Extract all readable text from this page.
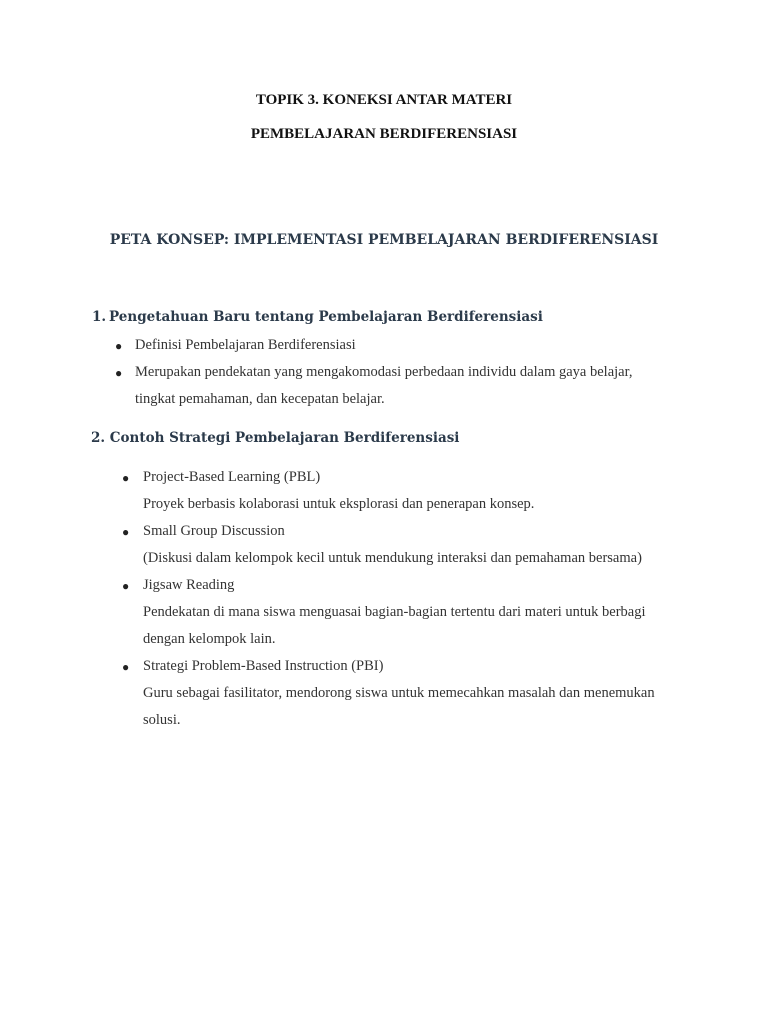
TOPIK 3. KONEKSI ANTAR MATERI
PEMBELAJARAN BERDIFERENSIASI
PETA KONSEP: IMPLEMENTASI PEMBELAJARAN BERDIFERENSIASI
1. Pengetahuan Baru tentang Pembelajaran Berdiferensiasi
● Definisi Pembelajaran Berdiferensiasi
● Merupakan pendekatan yang mengakomodasi perbedaan individu dalam gaya belajar,
tingkat pemahaman, dan kecepatan belajar.
2. Contoh Strategi Pembelajaran Berdiferensiasi
● Project-Based Learning (PBL)
Proyek berbasis kolaborasi untuk eksplorasi dan penerapan konsep.
● Small Group Discussion
(Diskusi dalam kelompok kecil untuk mendukung interaksi dan pemahaman bersama)
● Jigsaw Reading
Pendekatan di mana siswa menguasai bagian-bagian tertentu dari materi untuk berbagi
dengan kelompok lain.
● Strategi Problem-Based Instruction (PBI)
Guru sebagai fasilitator, mendorong siswa untuk memecahkan masalah dan menemukan
solusi.
